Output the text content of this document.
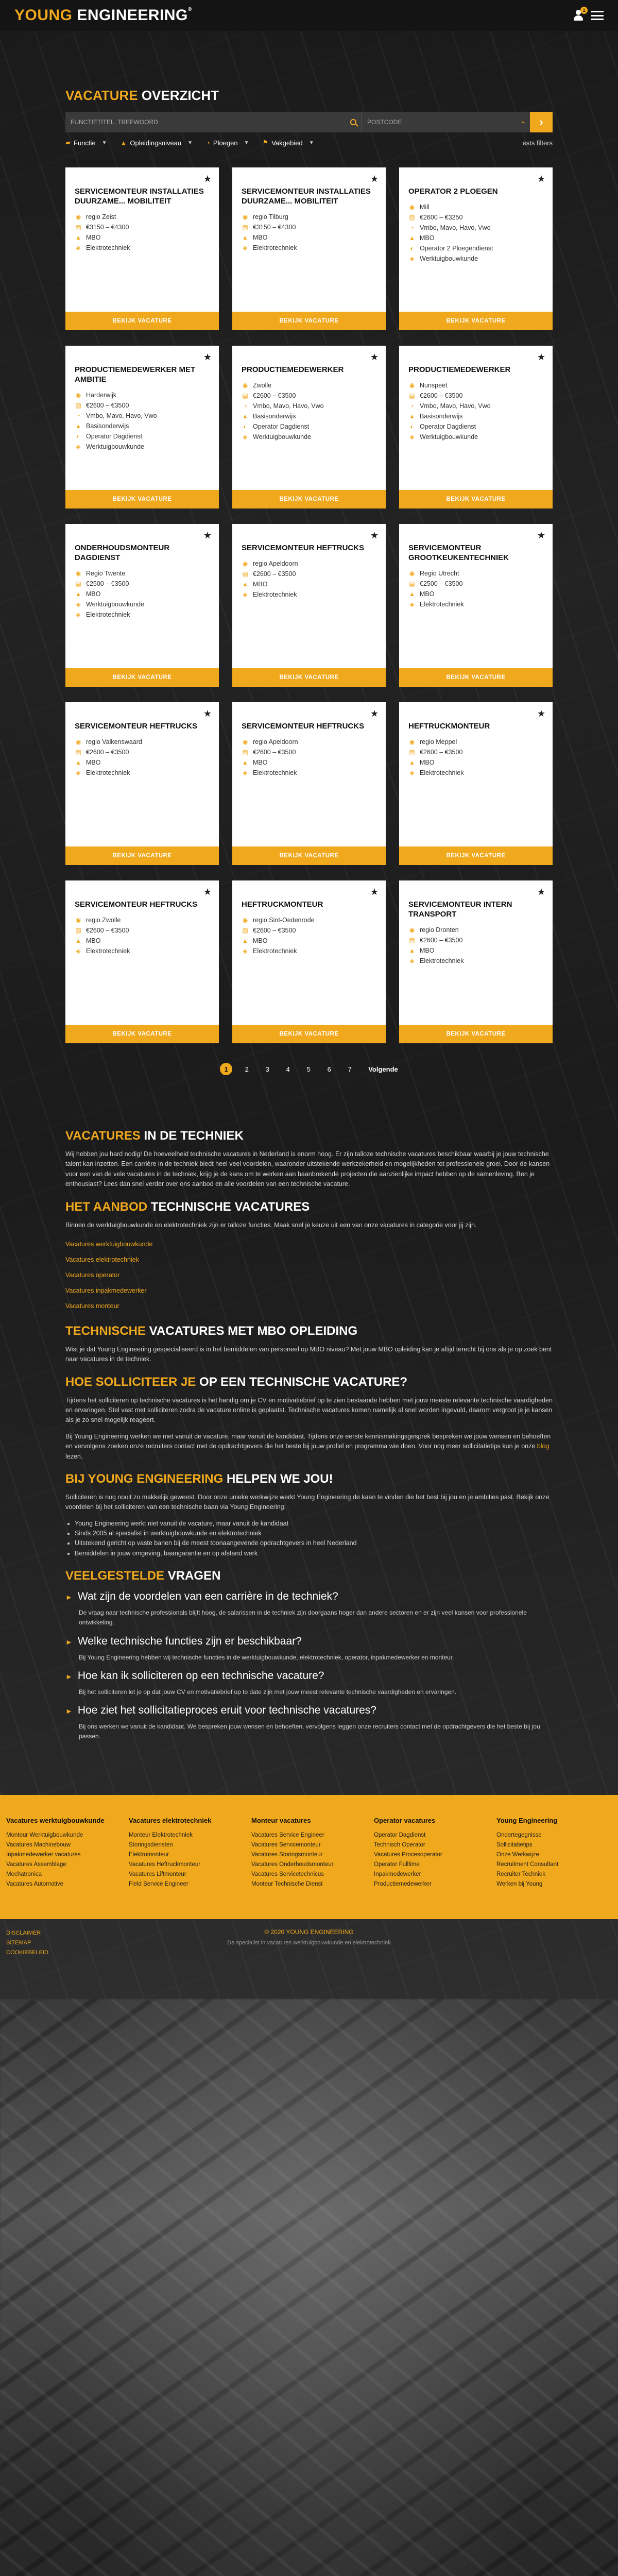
YOUNG ENGINEERING®	1
VACATURE OVERZICHT
FUNCTIETITEL, TREFWOORD
POSTCODE
⌖	›
▰ Functie ▼ ▲ Opleidingsniveau ▼ ◔ Ploegen ▼ ⚑ Vakgebied ▼	ests filters
★
SERVICEMONTEUR INSTALLATIES DUURZAME... MOBILITEIT
◉ regio Zeist
▤ €3150 – €4300
▲ MBO
◈ Elektrotechniek
BEKIJK VACATURE
★
SERVICEMONTEUR INSTALLATIES DUURZAME... MOBILITEIT
◉ regio Tilburg
▤ €3150 – €4300
▲ MBO
◈ Elektrotechniek
BEKIJK VACATURE
★
OPERATOR 2 PLOEGEN
◉ Mill
▤ €2600 – €3250
◔ Vmbo, Mavo, Havo, Vwo
▲ MBO
◐ Operator 2 Ploegendienst
◈ Werktuigbouwkunde
BEKIJK VACATURE
★
PRODUCTIEMEDEWERKER MET AMBITIE
◉ Harderwijk
▤ €2600 – €3500
◔ Vmbo, Mavo, Havo, Vwo
▲ Basisonderwijs
◐ Operator Dagdienst
◈ Werktuigbouwkunde
BEKIJK VACATURE
★
PRODUCTIEMEDEWERKER
◉ Zwolle
▤ €2600 – €3500
◔ Vmbo, Mavo, Havo, Vwo
▲ Basisonderwijs
◐ Operator Dagdienst
◈ Werktuigbouwkunde
BEKIJK VACATURE
★
PRODUCTIEMEDEWERKER
◉ Nunspeet
▤ €2600 – €3500
◔ Vmbo, Mavo, Havo, Vwo
▲ Basisonderwijs
◐ Operator Dagdienst
◈ Werktuigbouwkunde
BEKIJK VACATURE
★
ONDERHOUDSMONTEUR DAGDIENST
◉ Regio Twente
▤ €2500 – €3500
▲ MBO
◈ Werktuigbouwkunde
◈ Elektrotechniek
BEKIJK VACATURE
★
SERVICEMONTEUR HEFTRUCKS
◉ regio Apeldoorn
▤ €2600 – €3500
▲ MBO
◈ Elektrotechniek
BEKIJK VACATURE
★
SERVICEMONTEUR GROOTKEUKENTECHNIEK
◉ Regio Utrecht
▤ €2500 – €3500
▲ MBO
◈ Elektrotechniek
BEKIJK VACATURE
★
SERVICEMONTEUR HEFTRUCKS
◉ regio Valkenswaard
▤ €2600 – €3500
▲ MBO
◈ Elektrotechniek
BEKIJK VACATURE
★
SERVICEMONTEUR HEFTRUCKS
◉ regio Apeldoorn
▤ €2600 – €3500
▲ MBO
◈ Elektrotechniek
BEKIJK VACATURE
★
HEFTRUCKMONTEUR
◉ regio Meppel
▤ €2600 – €3500
▲ MBO
◈ Elektrotechniek
BEKIJK VACATURE
★
SERVICEMONTEUR HEFTRUCKS
◉ regio Zwolle
▤ €2600 – €3500
▲ MBO
◈ Elektrotechniek
BEKIJK VACATURE
★
HEFTRUCKMONTEUR
◉ regio Sint-Oedenrode
▤ €2600 – €3500
▲ MBO
◈ Elektrotechniek
BEKIJK VACATURE
★
SERVICEMONTEUR INTERN TRANSPORT
◉ regio Dronten
▤ €2600 – €3500
▲ MBO
◈ Elektrotechniek
BEKIJK VACATURE
1	2	3	4	5	6	7	Volgende
VACATURES IN DE TECHNIEK

Wij hebben jou hard nodig! De hoeveelheid technische vacatures in Nederland is enorm hoog. Er zijn talloze technische vacatures beschikbaar waarbij je jouw technische talent kan inzetten. Een carrière in de techniek biedt heel veel voordelen, waaronder uitstekende werkzekerheid en mogelijkheden tot professionele groei. Door de kansen voor een van de vele vacatures in de techniek, krijg je de kans om te werken aan baanbrekende projecten die aanzienlijke impact hebben op de samenleving. Ben je enthousiast? Lees dan snel verder over ons aanbod en alle voordelen van een technische vacature.

HET AANBOD TECHNISCHE VACATURES

Binnen de werktuigbouwkunde en elektrotechniek zijn er talloze functies. Maak snel je keuze uit een van onze vacatures in categorie voor jij zijn.

Vacatures werktuigbouwkunde
Vacatures elektrotechniek
Vacatures operator
Vacatures inpakmedewerker
Vacatures monteur
TECHNISCHE VACATURES MET MBO OPLEIDING

Wist je dat Young Engineering gespecialiseerd is in het bemiddelen van personeel op MBO niveau? Met jouw MBO opleiding kan je altijd terecht bij ons als je op zoek bent naar vacatures in de techniek.

HOE SOLLICITEER JE OP EEN TECHNISCHE VACATURE?

Tijdens het solliciteren op technische vacatures is het handig om je CV en motivatiebrief op te zien bestaande hebben met jouw meeste relevante technische vaardigheden en ervaringen. Stel vast met solliciteren zodra de vacature online is geplaatst. Technische vacatures komen namelijk al snel worden ingevuld, daarom vergroot je je kansen als je zo snel mogelijk reageert.

Bij Young Engineering werken we met vanuit de vacature, maar vanuit de kandidaat. Tijdens onze eerste kennismakingsgesprek bespreken we jouw wensen en behoeften en vervolgens zoeken onze recruiters contact met de opdrachtgevers die het beste bij jouw profiel en programma wie doen. Voor nog meer sollicitatietips kun je onze blog lezen.

BIJ YOUNG ENGINEERING HELPEN WE JOU!

Solliciteren is nog nooit zo makkelijk geweest. Door onze unieke werkwijze werkt Young Engineering de kaan te vinden die het best bij jou en je ambities past. Bekijk onze voordelen bij het solliciteren van een technische baan via Young Engineering:

• Young Engineering werkt niet vanuit de vacature, maar vanuit de kandidaat
• Sinds 2005 al specialist in werktuigbouwkunde en elektrotechniek
• Uitstekend gericht op vaste banen bij de meest toonaangevende opdrachtgevers in heel Nederland
• Bemiddelen in jouw omgeving, baangarantie en op afstand werk
VEELGESTELDE VRAGEN
► Wat zijn de voordelen van een carrière in de techniek?
De vraag naar technische professionals blijft hoog, de salarissen in de techniek zijn doorgaans hoger dan andere sectoren en er zijn veel kansen voor professionele ontwikkeling.
► Welke technische functies zijn er beschikbaar?
Bij Young Engineering hebben wij technische functies in de werktuigbouwkunde, elektrotechniek, operator, inpakmedewerker en monteur.
► Hoe kan ik solliciteren op een technische vacature?
Bij het solliciteren let je op dat jouw CV en motivatiebrief up to date zijn met jouw meest relevante technische vaardigheden en ervaringen.
► Hoe ziet het sollicitatieproces eruit voor technische vacatures?
Bij ons werken we vanuit de kandidaat. We bespreken jouw wensen en behoeften, vervolgens leggen onze recruiters contact met de opdrachtgevers die het beste bij jou passen.
Vacatures werktuigbouwkunde
Monteur Werktuigbouwkunde
Vacatures Machinebouw
Inpakmedewerker vacatures
Vacatures Assemblage
Mechatronica
Vacatures Automotive
Vacatures elektrotechniek
Monteur Elektrotechniek
Storingsdiensten
Elektromonteur
Vacatures Heftruckmonteur
Vacatures Liftmonteur
Field Service Engineer
Monteur vacatures
Vacatures Service Engineer
Vacatures Servicemonteur
Vacatures Storingsmonteur
Vacatures Onderhoudsmonteur
Vacatures Servicetechnicus
Monteur Technische Dienst
Operator vacatures
Operator Dagdienst
Technisch Operator
Vacatures Procesoperator
Operator Fulltime
Inpakmedewerker
Productiemedewerker
Young Engineering
Ondertegegnisse
Sollicitatietips
Onze Werkwijze
Recruitment Consultant
Recruiter Techniek
Werken bij Young
DISCLAIMER
SITEMAP
COOKIEBELEID
© 2020 YOUNG ENGINEERING
De specialist in vacatures werktuigbouwkunde en elektrotechniek
